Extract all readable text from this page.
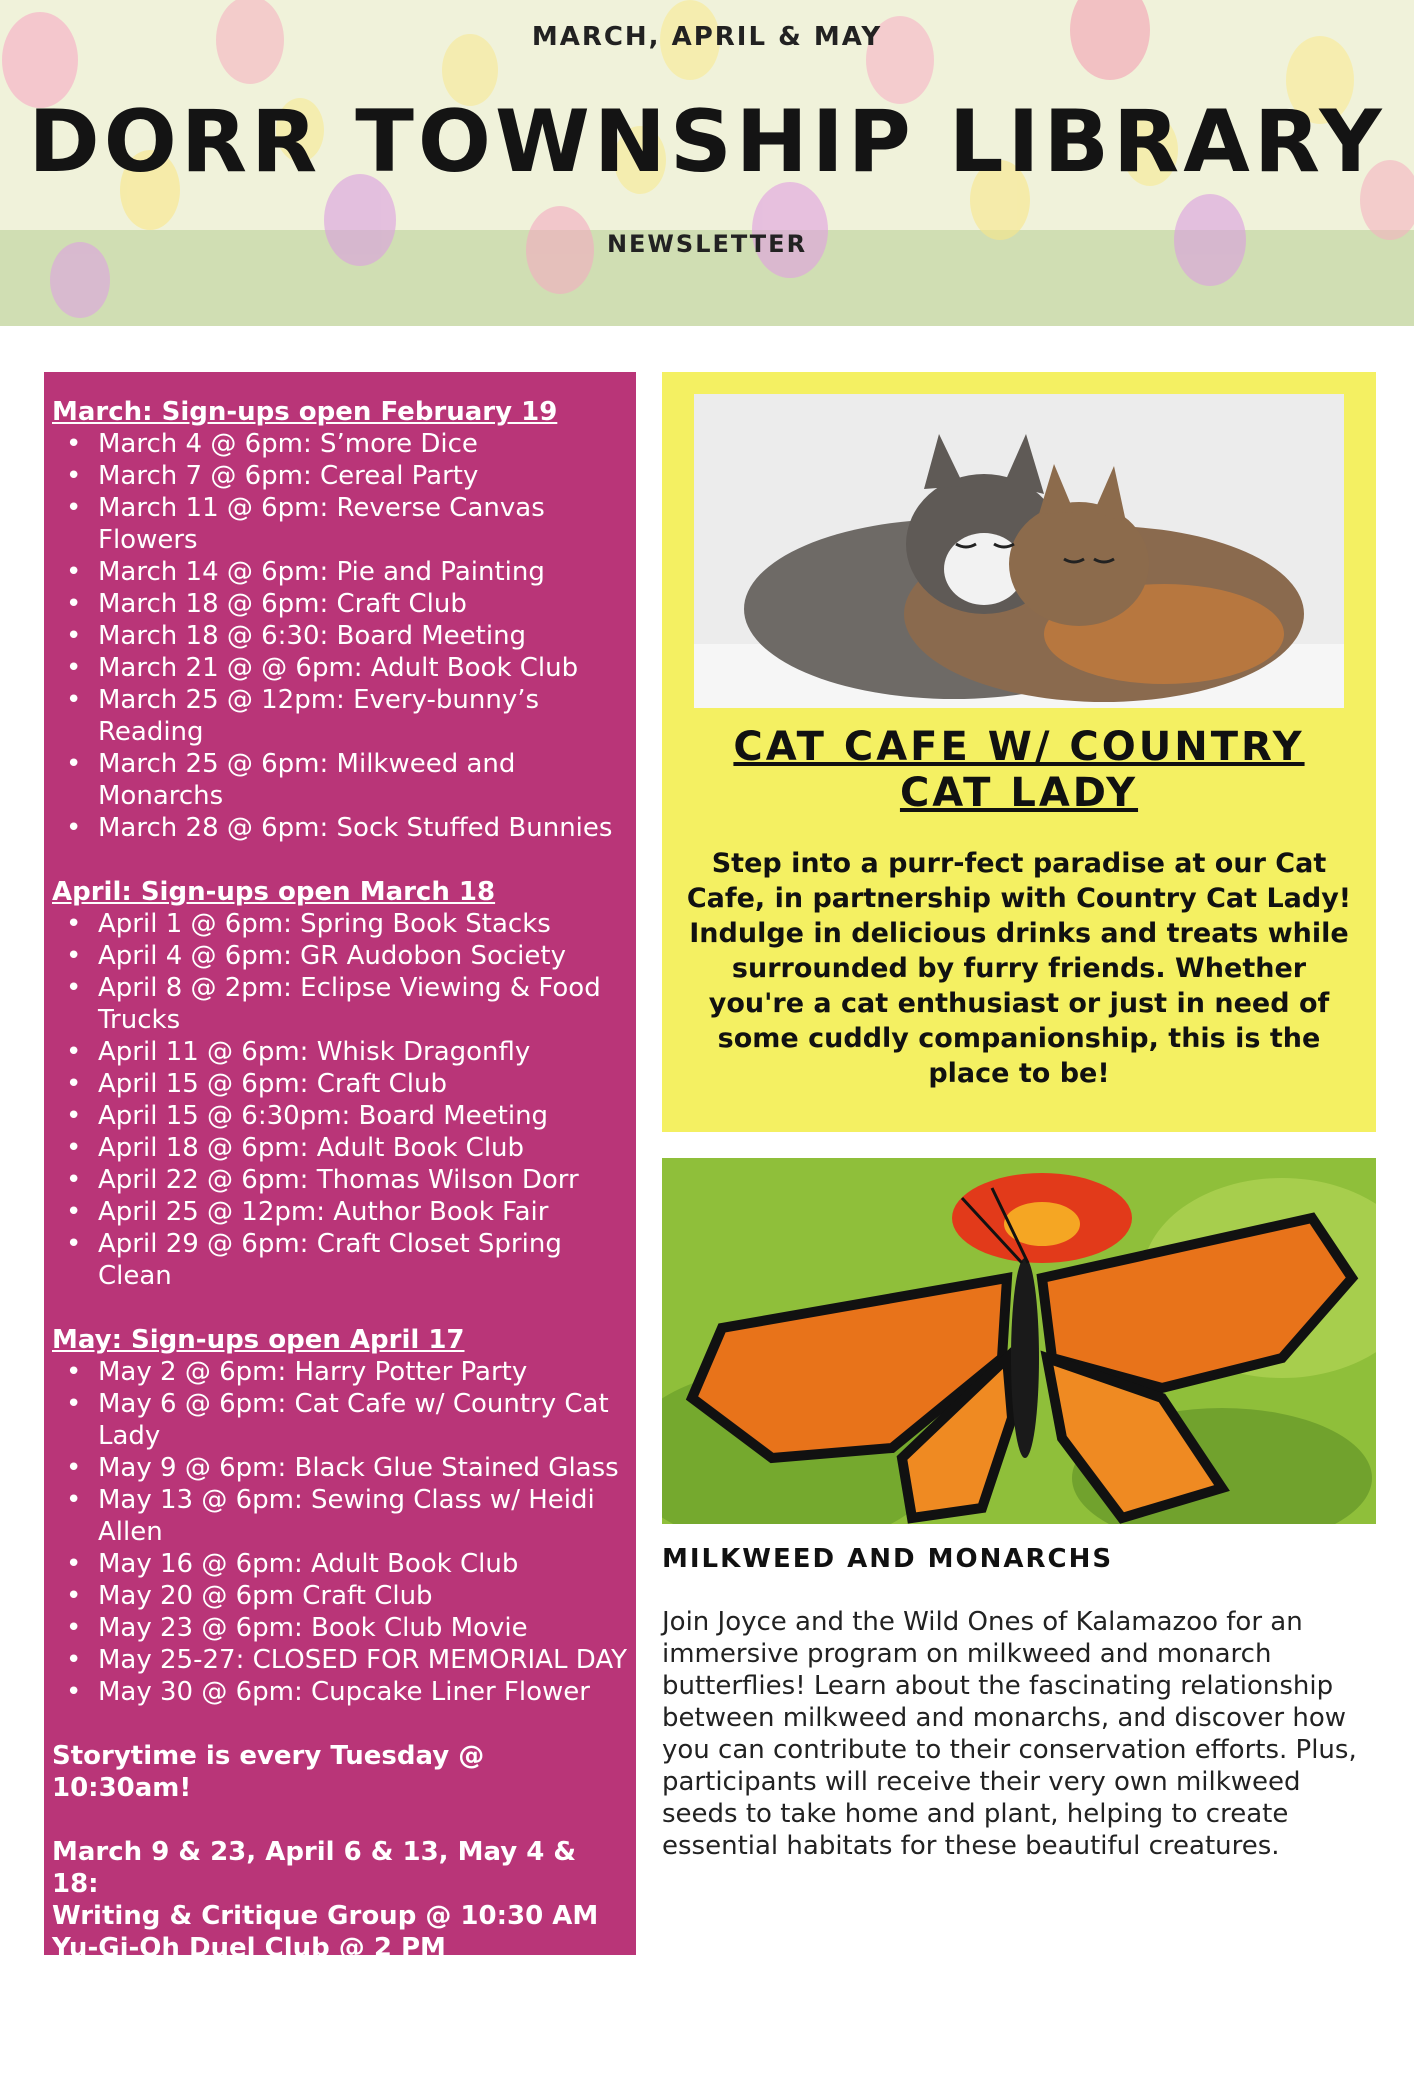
MARCH, APRIL & MAY
DORR TOWNSHIP LIBRARY
NEWSLETTER

March: Sign-ups open February 19

• March 4 @ 6pm: S’more Dice
• March 7 @ 6pm: Cereal Party
• March 11 @ 6pm: Reverse Canvas Flowers
• March 14 @ 6pm: Pie and Painting
• March 18 @ 6pm: Craft Club
• March 18 @ 6:30: Board Meeting
• March 21 @ @ 6pm: Adult Book Club
• March 25 @ 12pm: Every-bunny’s Reading
• March 25 @ 6pm: Milkweed and Monarchs
• March 28 @ 6pm: Sock Stuffed Bunnies

April: Sign-ups open March 18

• April 1 @ 6pm: Spring Book Stacks
• April 4 @ 6pm: GR Audobon Society
• April 8 @ 2pm: Eclipse Viewing & Food Trucks
• April 11 @ 6pm: Whisk Dragonfly
• April 15 @ 6pm: Craft Club
• April 15 @ 6:30pm: Board Meeting
• April 18 @ 6pm: Adult Book Club
• April 22 @ 6pm: Thomas Wilson Dorr
• April 25 @ 12pm: Author Book Fair
• April 29 @ 6pm: Craft Closet Spring Clean

May: Sign-ups open April 17

• May 2 @ 6pm: Harry Potter Party
• May 6 @ 6pm: Cat Cafe w/ Country Cat Lady
• May 9 @ 6pm: Black Glue Stained Glass
• May 13 @ 6pm: Sewing Class w/ Heidi Allen
• May 16 @ 6pm: Adult Book Club
• May 20 @ 6pm Craft Club
• May 23 @ 6pm: Book Club Movie
• May 25-27: CLOSED FOR MEMORIAL DAY
• May 30 @ 6pm: Cupcake Liner Flower

Storytime is every Tuesday @ 10:30am!

March 9 & 23, April 6 & 13, May 4 & 18:
Writing & Critique Group @ 10:30 AM
Yu-Gi-Oh Duel Club @ 2 PM

All programs must be signed up for ahead of time. Please call 616-681-9678 to sign up.

CAT CAFE W/ COUNTRY
CAT LADY
Step into a purr-fect paradise at our Cat Cafe, in partnership with Country Cat Lady! Indulge in delicious drinks and treats while surrounded by furry friends. Whether you're a cat enthusiast or just in need of some cuddly companionship, this is the place to be!
MILKWEED AND MONARCHS
Join Joyce and the Wild Ones of Kalamazoo for an immersive program on milkweed and monarch butterflies! Learn about the fascinating relationship between milkweed and monarchs, and discover how you can contribute to their conservation efforts. Plus, participants will receive their very own milkweed seeds to take home and plant, helping to create essential habitats for these beautiful creatures.
